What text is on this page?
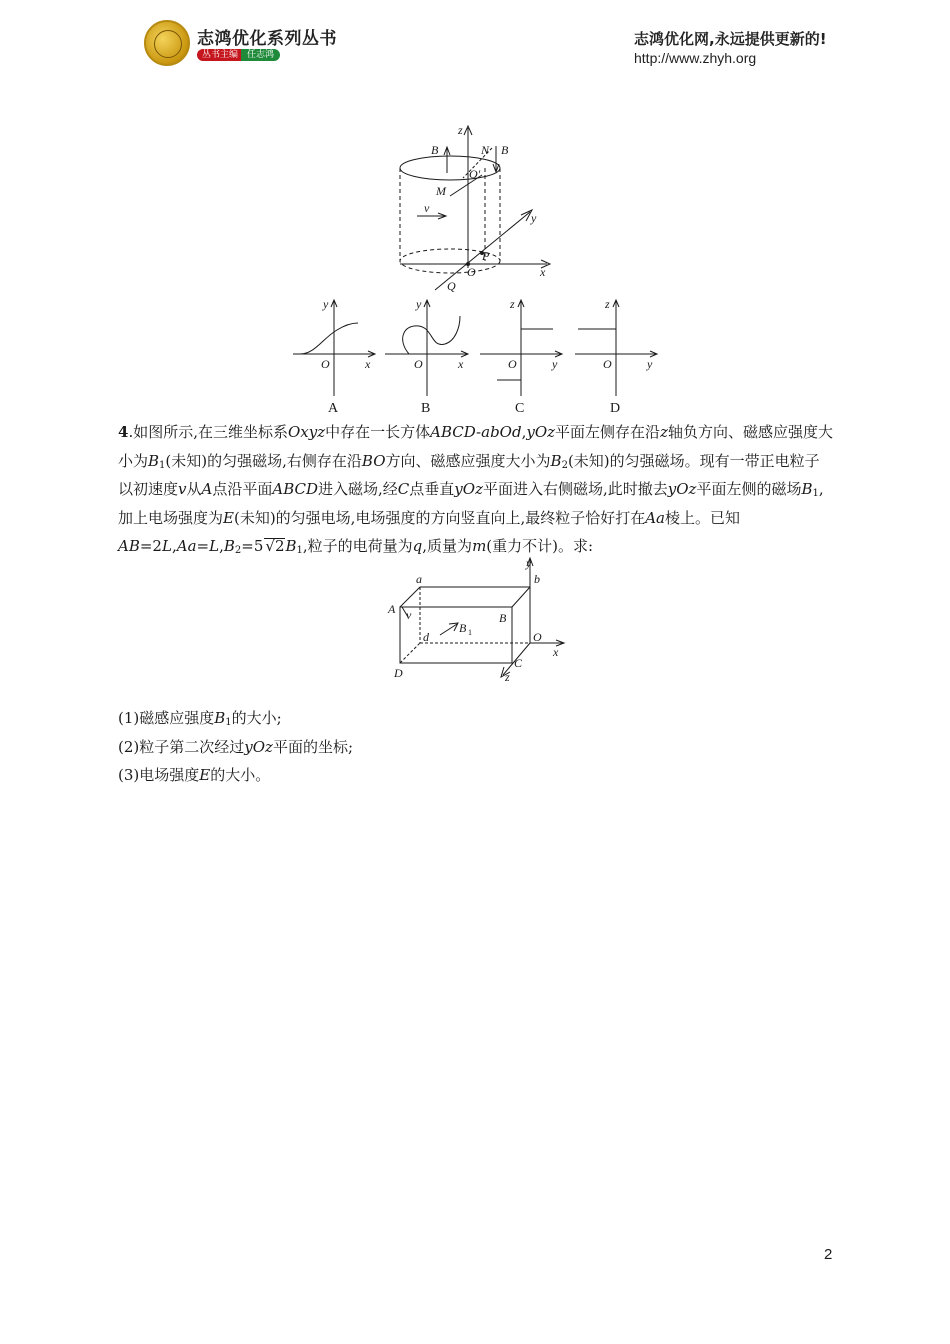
志鸿优化系列丛书
丛书主编 任志鸿
志鸿优化网,永远提供更新的!
http://www.zhyh.org
z
B	N B
O'
M
v
y
P
O	x
Q
y
x
O
A
y
x
O
B
z
y
O
C
z
y
O
D

4.如图所示,在三维坐标系Oxyz中存在一长方体ABCD-abOd,yOz平面左侧存在沿z轴负方向、磁感应强度大小为$B_1$(未知)的匀强磁场,右侧存在沿BO方向、磁感应强度大小为$B_2$(未知)的匀强磁场。现有一带正电粒子以初速度v从A点沿平面ABCD进入磁场,经C点垂直yOz平面进入右侧磁场,此时撤去yOz平面左侧的磁场$B_1$,加上电场强度为E(未知)的匀强电场,电场强度的方向竖直向上,最终粒子恰好打在Aa棱上。已知$AB=2L,Aa=L,B_2=5$ $√2B_1$,粒子的电荷量为q,质量为m(重力不计)。求:

y
a	b
A v	B
d
B 1	O
x
D
C
z

(1)磁感应强度$B_1$的大小;

(2)粒子第二次经过yOz平面的坐标;

(3)电场强度E的大小。

2
